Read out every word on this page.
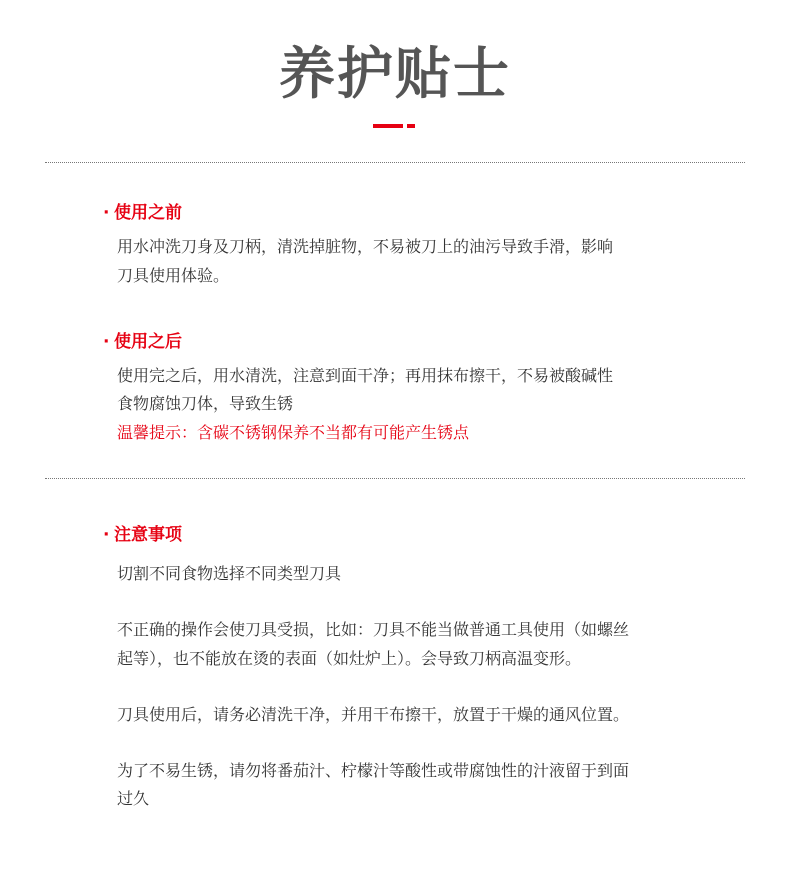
养护贴士
· 使用之前
用水冲洗刀身及刀柄，清洗掉脏物，不易被刀上的油污导致手滑，影响
刀具使用体验。
· 使用之后
使用完之后，用水清洗，注意到面干净；再用抹布擦干，不易被酸碱性
食物腐蚀刀体，导致生锈
温馨提示：含碳不锈钢保养不当都有可能产生锈点
· 注意事项
切割不同食物选择不同类型刀具
不正确的操作会使刀具受损，比如：刀具不能当做普通工具使用（如螺丝
起等），也不能放在烫的表面（如灶炉上）。会导致刀柄高温变形。
刀具使用后，请务必清洗干净，并用干布擦干，放置于干燥的通风位置。
为了不易生锈，请勿将番茄汁、柠檬汁等酸性或带腐蚀性的汁液留于到面
过久
